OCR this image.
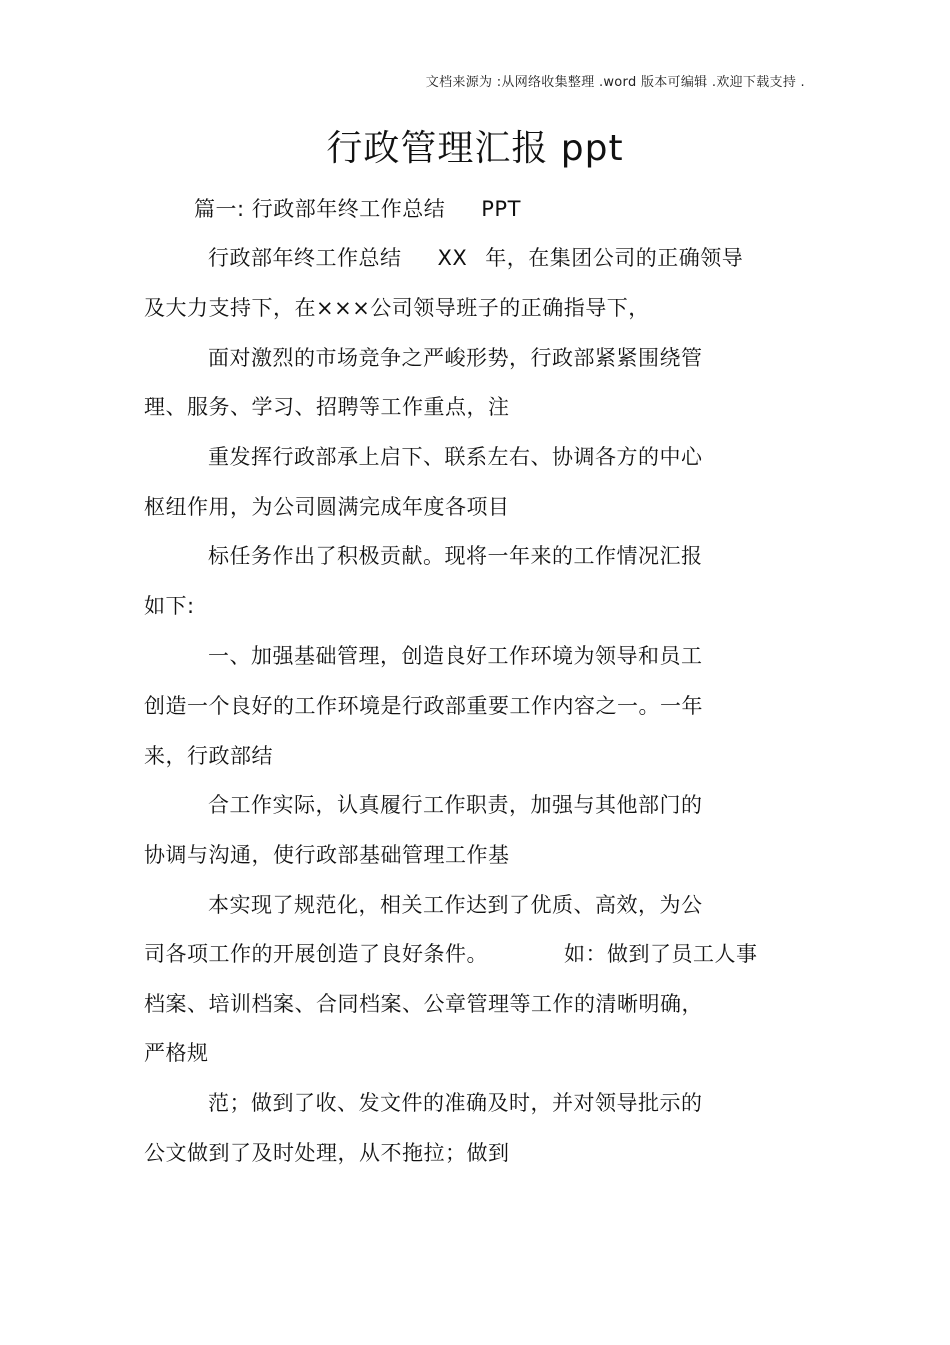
文档来源为 :从网络收集整理 .word 版本可编辑 .欢迎下载支持 .
行政管理汇报 ppt
篇一: 行政部年终工作总结 PPT
行政部年终工作总结 XX 年，在集团公司的正确领导
及大力支持下，在×××公司领导班子的正确指导下，
面对激烈的市场竞争之严峻形势，行政部紧紧围绕管
理、服务、学习、招聘等工作重点，注
重发挥行政部承上启下、联系左右、协调各方的中心
枢纽作用，为公司圆满完成年度各项目
标任务作出了积极贡献。现将一年来的工作情况汇报
如下:
一、加强基础管理，创造良好工作环境为领导和员工
创造一个良好的工作环境是行政部重要工作内容之一。一年
来，行政部结
合工作实际，认真履行工作职责，加强与其他部门的
协调与沟通，使行政部基础管理工作基
本实现了规范化，相关工作达到了优质、高效，为公
司各项工作的开展创造了良好条件。	如：做到了员工人事
档案、培训档案、合同档案、公章管理等工作的清晰明确，
严格规
范；做到了收、发文件的准确及时，并对领导批示的
公文做到了及时处理，从不拖拉；做到
